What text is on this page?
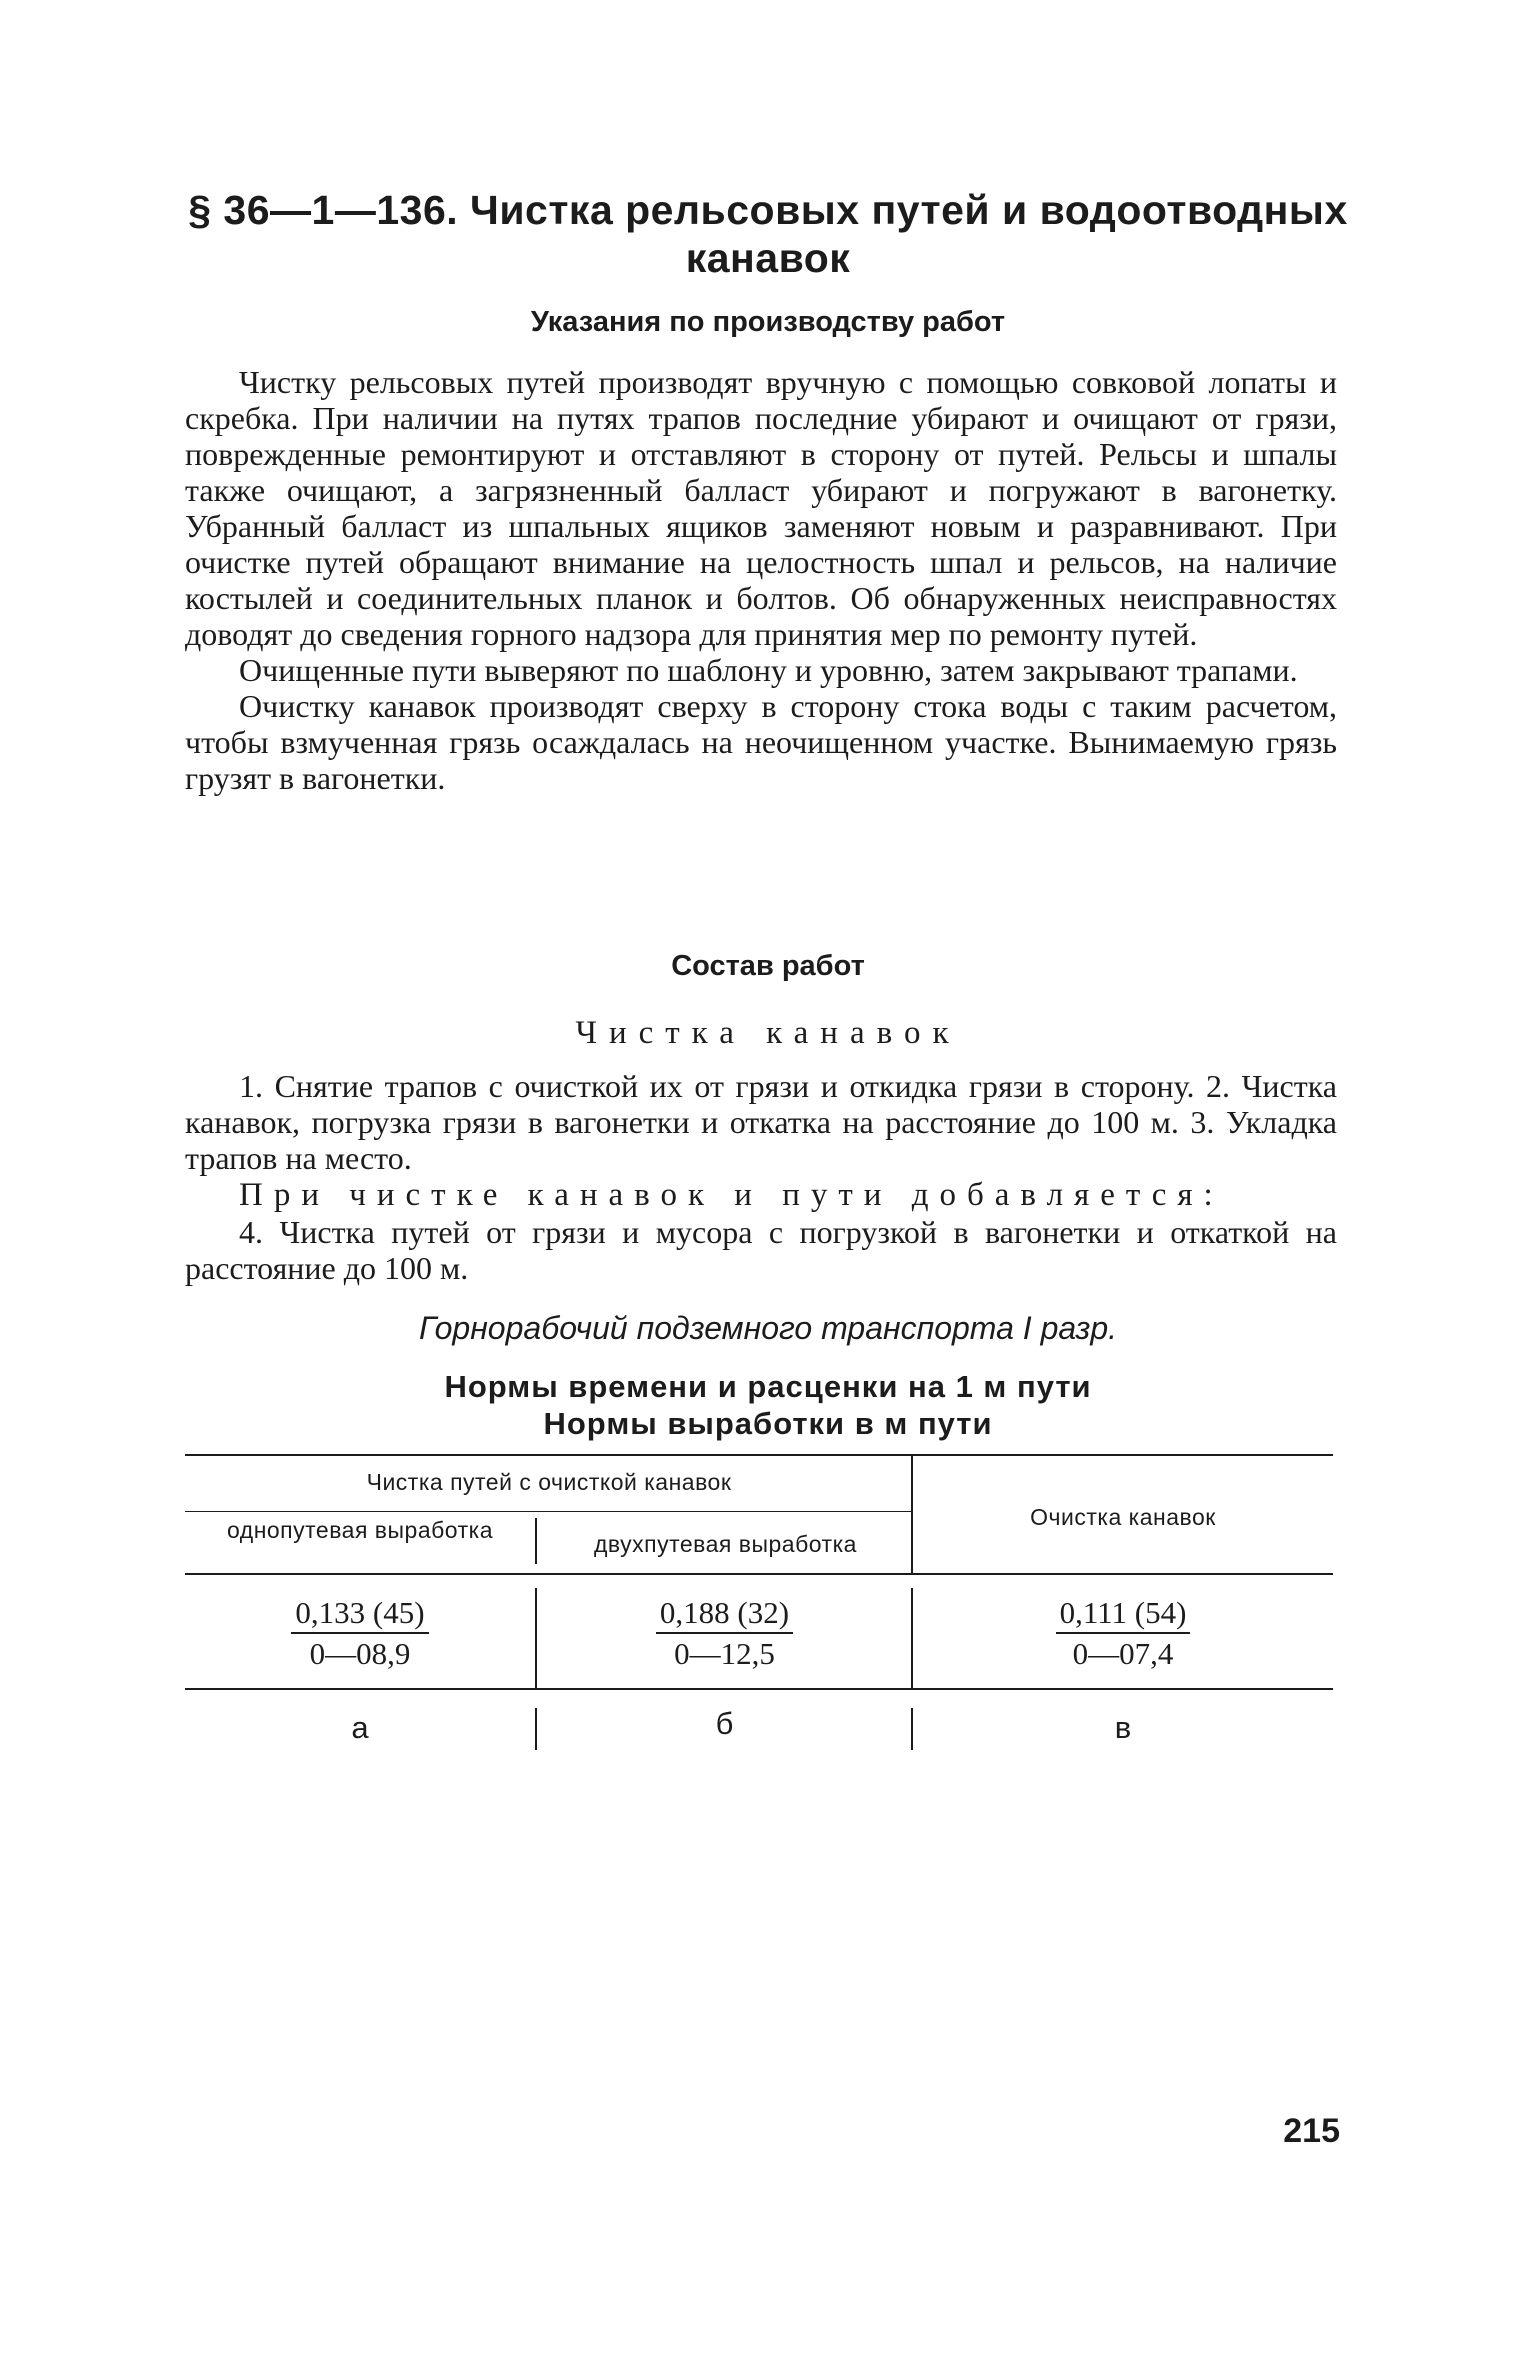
§ 36—1—136. Чистка рельсовых путей и водоотводных
канавок
Указания по производству работ

Чистку рельсовых путей производят вручную с помощью совковой лопаты и скребка. При наличии на путях трапов последние убирают и очищают от грязи, поврежденные ремонтируют и отставляют в сторону от путей. Рельсы и шпалы также очищают, а загрязненный балласт убирают и погружают в вагонетку. Убранный балласт из шпальных ящиков заменяют новым и разравнивают. При очистке путей обращают внимание на целостность шпал и рельсов, на наличие костылей и соединительных планок и болтов. Об обнаруженных неисправностях доводят до сведения горного надзора для принятия мер по ремонту путей.

Очищенные пути выверяют по шаблону и уровню, затем закрывают трапами.

Очистку канавок производят сверху в сторону стока воды с таким расчетом, чтобы взмученная грязь осаждалась на неочищенном участке. Вынимаемую грязь грузят в вагонетки.

Состав работ
Чистка канавок

1. Снятие трапов с очисткой их от грязи и откидка грязи в сторону. 2. Чистка канавок, погрузка грязи в вагонетки и откатка на расстояние до 100 м. 3. Укладка трапов на место.

При чистке канавок и пути добавляется:

4. Чистка путей от грязи и мусора с погрузкой в вагонетки и откаткой на расстояние до 100 м.

Горнорабочий подземного транспорта I разр.
Нормы времени и расценки на 1 м пути
Нормы выработки в м пути
Чистка путей с очисткой канавок
однопутевая выработка
двухпутевая выработка
Очистка канавок
$\frac{0,133 (45)}{0—08,9}$	$\frac{0,188 (32)}{0—12,5}$	$\frac{0,111 (54)}{0—07,4}$
а	б	в
215
